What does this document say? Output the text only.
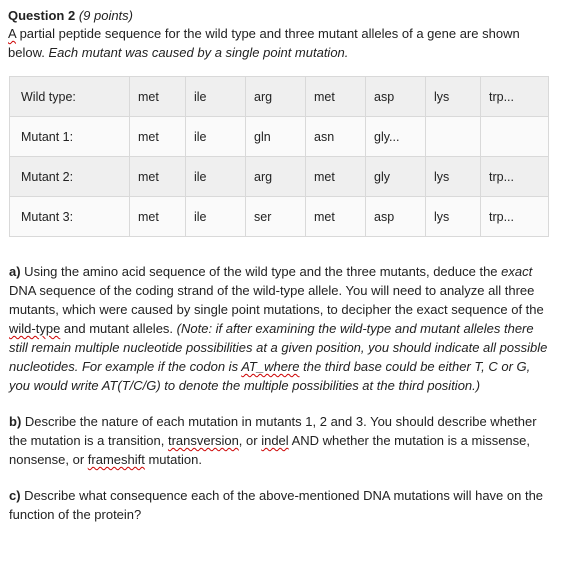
Question 2 (9 points)

A partial peptide sequence for the wild type and three mutant alleles of a gene are shown below. Each mutant was caused by a single point mutation.

Wild type:	met	ile	arg	met	asp	lys	trp...	
Mutant 1:	met	ile	gln	asn	gly...			
Mutant 2:	met	ile	arg	met	gly	lys	trp...	
Mutant 3:	met	ile	ser	met	asp	lys	trp...	

a) Using the amino acid sequence of the wild type and the three mutants, deduce the exact DNA sequence of the coding strand of the wild-type allele. You will need to analyze all three mutants, which were caused by single point mutations, to decipher the exact sequence of the wild-type and mutant alleles. (Note: if after examining the wild-type and mutant alleles there still remain multiple nucleotide possibilities at a given position, you should indicate all possible nucleotides. For example if the codon is AT_where the third base could be either T, C or G, you would write AT(T/C/G) to denote the multiple possibilities at the third position.)

b) Describe the nature of each mutation in mutants 1, 2 and 3. You should describe whether the mutation is a transition, transversion, or indel AND whether the mutation is a missense, nonsense, or frameshift mutation.

c) Describe what consequence each of the above-mentioned DNA mutations will have on the function of the protein?
